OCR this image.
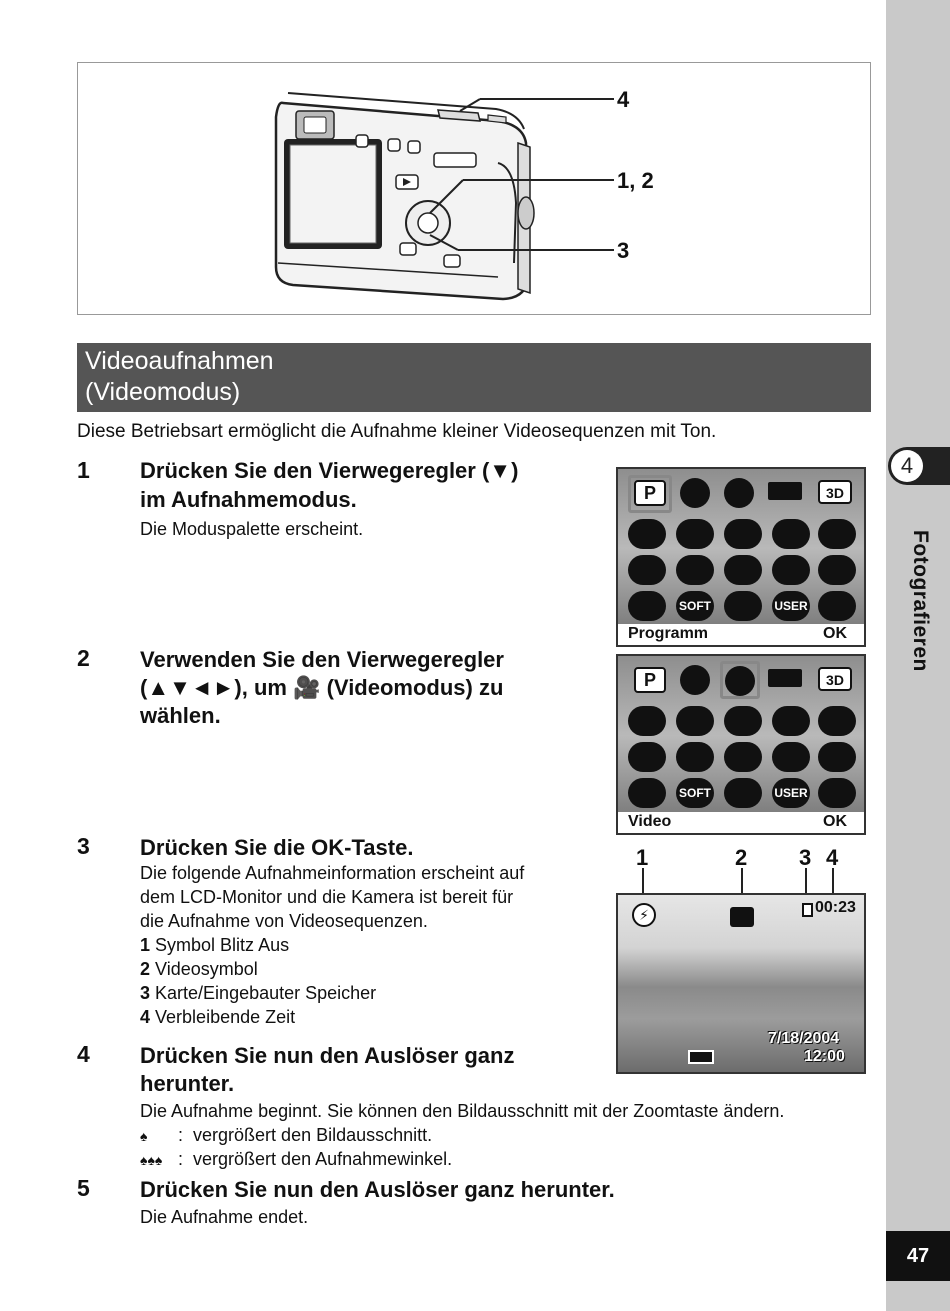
4
Fotografieren
47
4
1, 2
3
Videoaufnahmen
(Videomodus)
Diese Betriebsart ermöglicht die Aufnahme kleiner Videosequenzen mit Ton.
1 Drücken Sie den Vierwegeregler (▼)
im Aufnahmemodus.
Die Moduspalette erscheint.
2 Verwenden Sie den Vierwegeregler
(▲▼◄►), um 🎥 (Videomodus) zu
wählen.
3 Drücken Sie die OK-Taste.
Die folgende Aufnahmeinformation erscheint auf
dem LCD-Monitor und die Kamera ist bereit für
die Aufnahme von Videosequenzen.
1 Symbol Blitz Aus
2 Videosymbol
3 Karte/Eingebauter Speicher
4 Verbleibende Zeit
4 Drücken Sie nun den Auslöser ganz
herunter.
Die Aufnahme beginnt. Sie können den Bildausschnitt mit der Zoomtaste ändern.
♠ : vergrößert den Bildausschnitt.
♠♠♠ : vergrößert den Aufnahmewinkel.
5 Drücken Sie nun den Auslöser ganz herunter.
Die Aufnahme endet.
P	3D
SOFT	USER
Programm	OK
P	3D
SOFT	USER
Video	OK
1	2 3 4
⚡	00:23
7/18/2004
12:00
